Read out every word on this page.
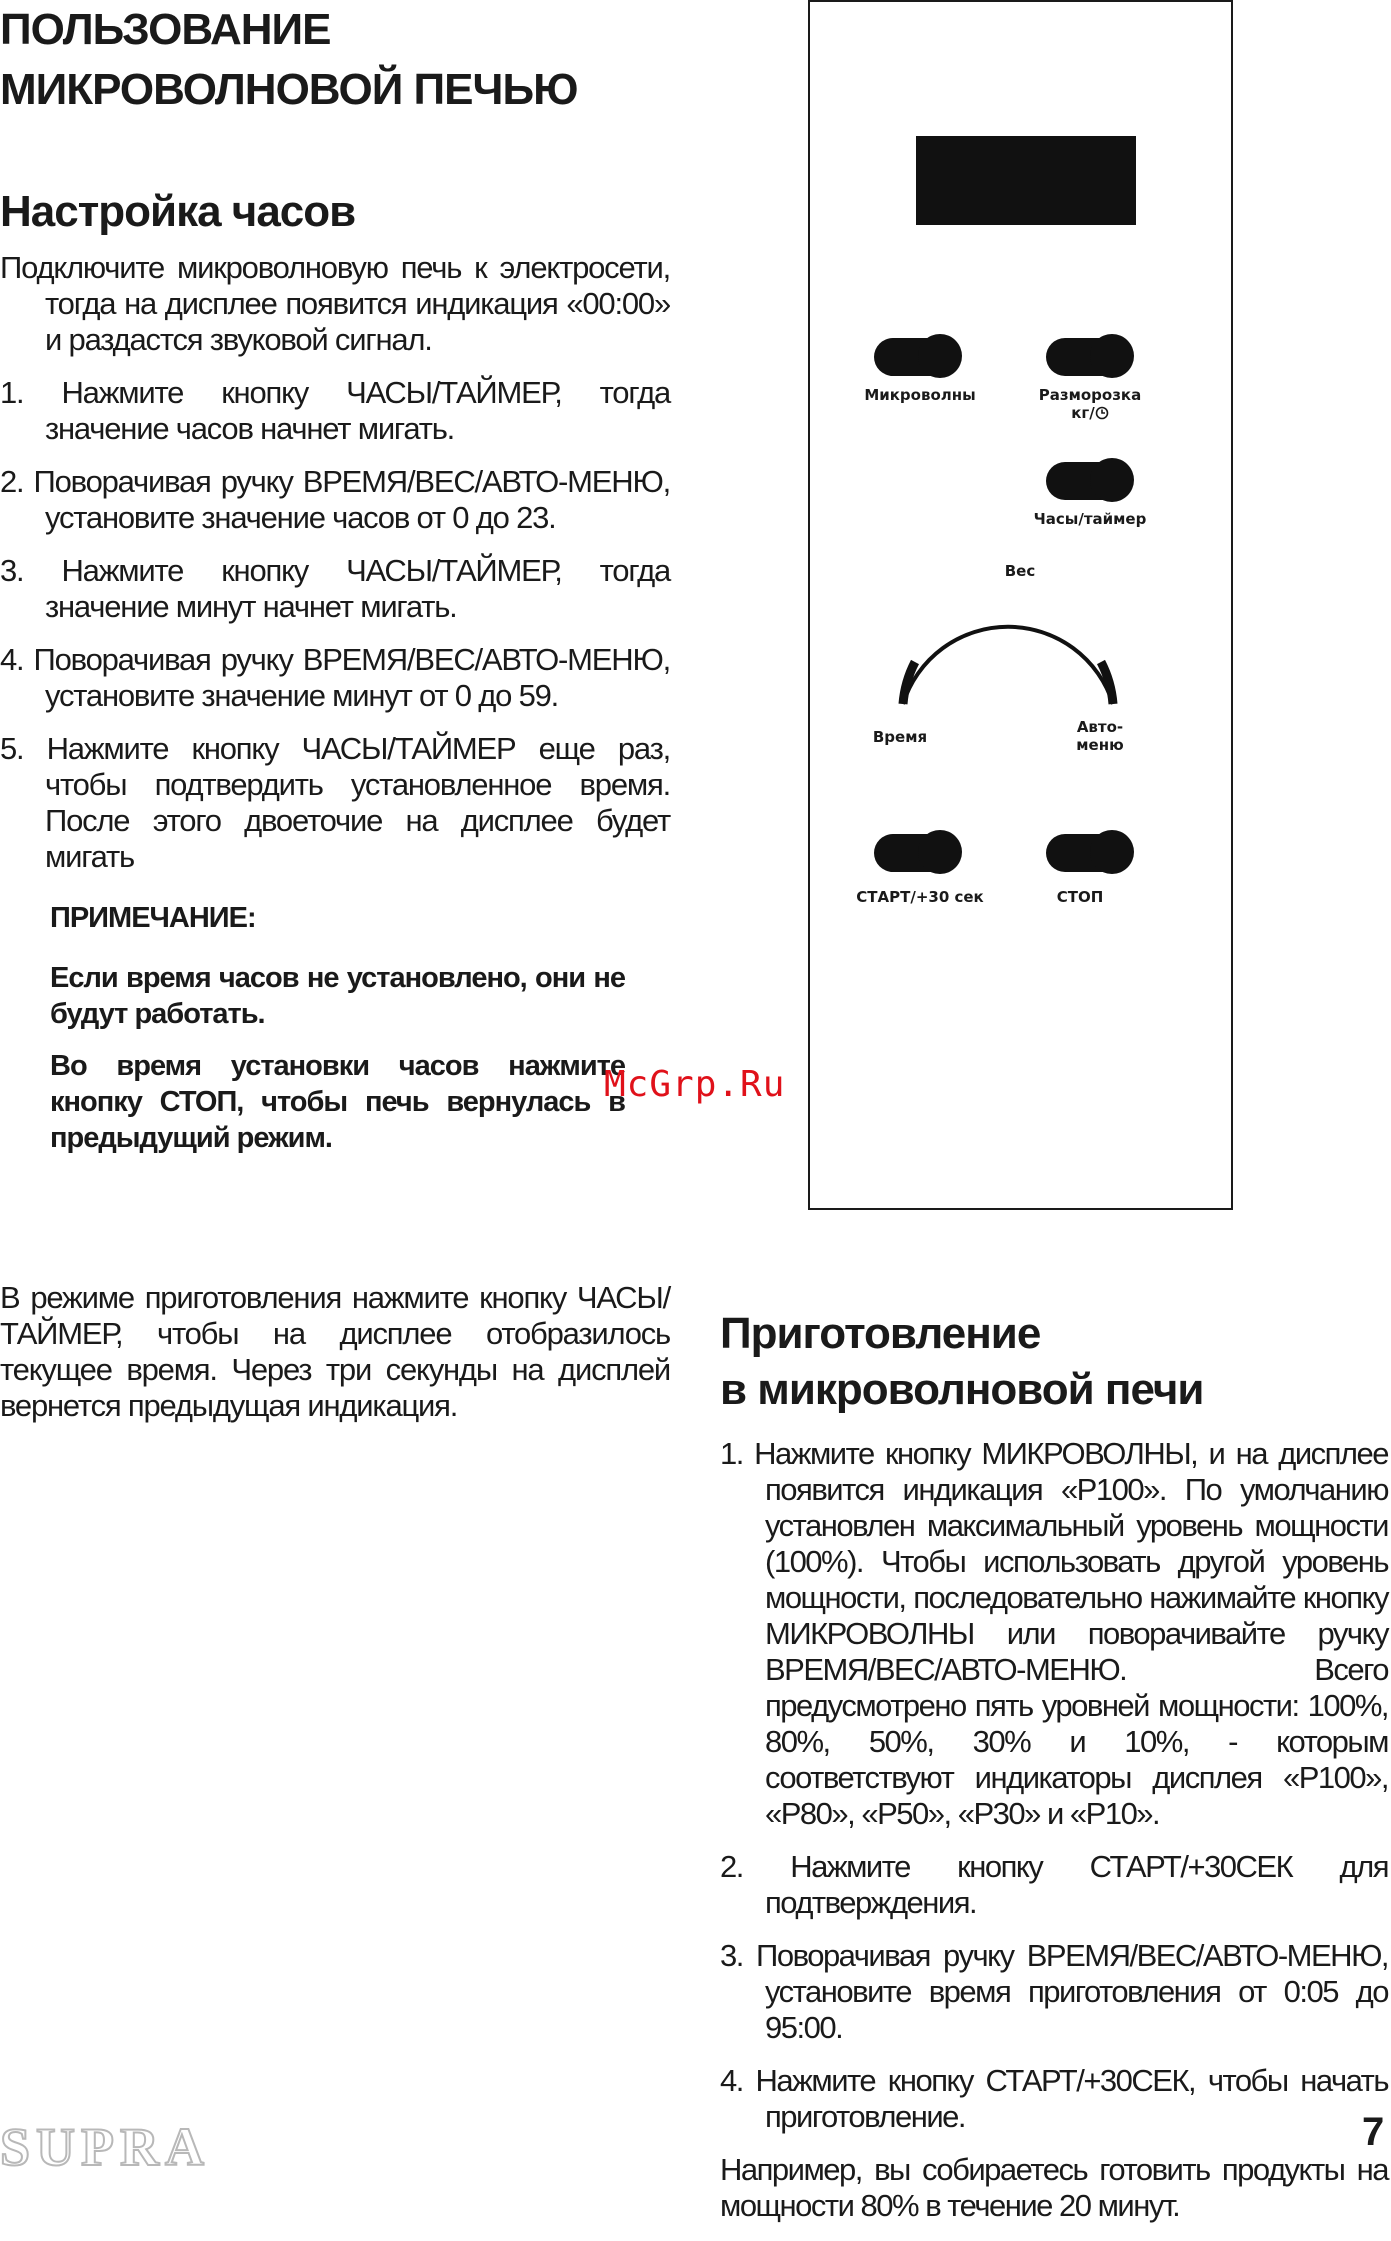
ПОЛЬЗОВАНИЕ
МИКРОВОЛНОВОЙ ПЕЧЬЮ
Настройка часов

Подключите микроволновую печь к электросети, тогда на дисплее появится индикация «00:00» и раздастся звуковой сигнал.

1. Нажмите кнопку ЧАСЫ/ТАЙМЕР, тогда значение часов начнет мигать.

2. Поворачивая ручку ВРЕМЯ/ВЕС/АВТО-МЕНЮ, установите значение часов от 0 до 23.

3. Нажмите кнопку ЧАСЫ/ТАЙМЕР, тогда значение минут начнет мигать.

4. Поворачивая ручку ВРЕМЯ/ВЕС/АВТО-МЕНЮ, установите значение минут от 0 до 59.

5. Нажмите кнопку ЧАСЫ/ТАЙМЕР еще раз, чтобы подтвердить установленное время. После этого двоеточие на дисплее будет мигать

ПРИМЕЧАНИЕ:

Если время часов не установлено, они не будут работать.

Во время установки часов нажмите кнопку СТОП, чтобы печь вернулась в предыдущий режим.

В режиме приготовления нажмите кнопку ЧАСЫ/ТАЙМЕР, чтобы на дисплее отобразилось текущее время. Через три секунды на дисплей вернется предыдущая индикация.

Микроволны	Разморозка
кг/
Часы/таймер
Вес
Время
Авто-
меню
СТАРТ/+30 сек	СТОП
McGrp.Ru
Приготовление
в микроволновой печи

1. Нажмите кнопку МИКРОВОЛНЫ, и на дисплее появится индикация «P100». По умолчанию установлен максимальный уровень мощности (100%). Чтобы использовать другой уровень мощности, последовательно нажимайте кнопку МИКРОВОЛНЫ или поворачивайте ручку ВРЕМЯ/ВЕС/АВТО-МЕНЮ. Всего предусмотрено пять уровней мощности: 100%, 80%, 50%, 30% и 10%, - которым соответствуют индикаторы дисплея «P100», «P80», «P50», «P30» и «P10».

2. Нажмите кнопку СТАРТ/+30СЕК для подтверждения.

3. Поворачивая ручку ВРЕМЯ/ВЕС/АВТО-МЕНЮ, установите время приготовления от 0:05 до 95:00.

4. Нажмите кнопку СТАРТ/+30СЕК, чтобы начать приготовление.

Например, вы собираетесь готовить продукты на мощности 80% в течение 20 минут.

SUPRA	7
